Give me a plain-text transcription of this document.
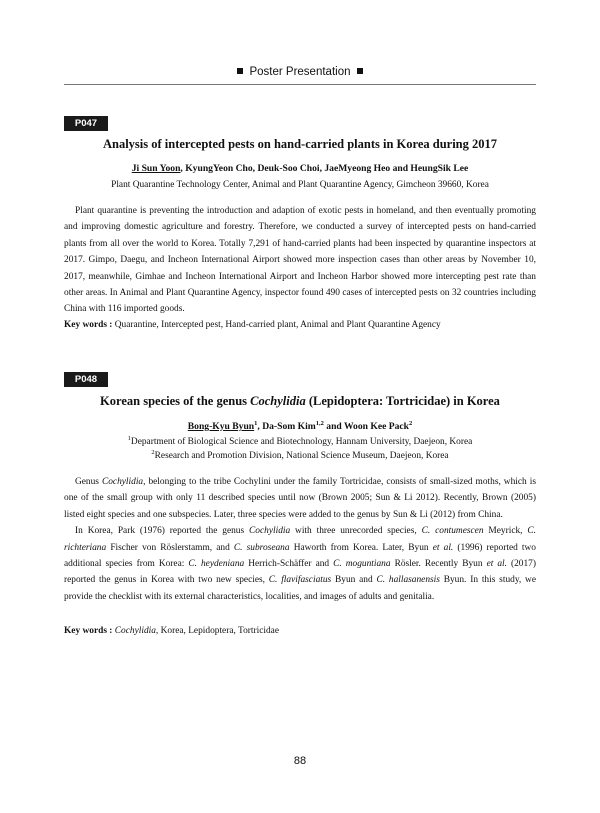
Poster Presentation
P047
Analysis of intercepted pests on hand-carried plants in Korea during 2017
Ji Sun Yoon, KyungYeon Cho, Deuk-Soo Choi, JaeMyeong Heo and HeungSik Lee
Plant Quarantine Technology Center, Animal and Plant Quarantine Agency, Gimcheon 39660, Korea

Plant quarantine is preventing the introduction and adaption of exotic pests in homeland, and then eventually promoting and improving domestic agriculture and forestry. Therefore, we conducted a survey of intercepted pests on hand-carried plants from all over the world to Korea. Totally 7,291 of hand-carried plants had been inspected by quarantine inspectors at 2017. Gimpo, Daegu, and Incheon International Airport showed more inspection cases than other areas by November 10, 2017, meanwhile, Gimhae and Incheon International Airport and Incheon Harbor showed more intercepting pest rate than other areas. In Animal and Plant Quarantine Agency, inspector found 490 cases of intercepted pests on 32 countries including China with 116 imported goods.

Key words : Quarantine, Intercepted pest, Hand-carried plant, Animal and Plant Quarantine Agency
P048
Korean species of the genus Cochylidia (Lepidoptera: Tortricidae) in Korea
Bong-Kyu Byun$^1$, Da-Som Kim$^{1,2}$ and Woon Kee Pack$^2$
$^1$Department of Biological Science and Biotechnology, Hannam University, Daejeon, Korea
$^2$Research and Promotion Division, National Science Museum, Daejeon, Korea

Genus Cochylidia, belonging to the tribe Cochylini under the family Tortricidae, consists of small-sized moths, which is one of the small group with only 11 described species until now (Brown 2005; Sun & Li 2012). Recently, Brown (2005) listed eight species and one subspecies. Later, three species were added to the genus by Sun & Li (2012) from China.

In Korea, Park (1976) reported the genus Cochylidia with three unrecorded species, C. contumescen Meyrick, C. richteriana Fischer von Röslerstamm, and C. subroseana Haworth from Korea. Later, Byun et al. (1996) reported two additional species from Korea: C. heydeniana Herrich-Schäffer and C. moguntiana Rösler. Recently Byun et al. (2017) reported the genus in Korea with two new species, C. flavifasciatus Byun and C. hallasanensis Byun. In this study, we provide the checklist with its external characteristics, localities, and images of adults and genitalia.

Key words : Cochylidia, Korea, Lepidoptera, Tortricidae
88
